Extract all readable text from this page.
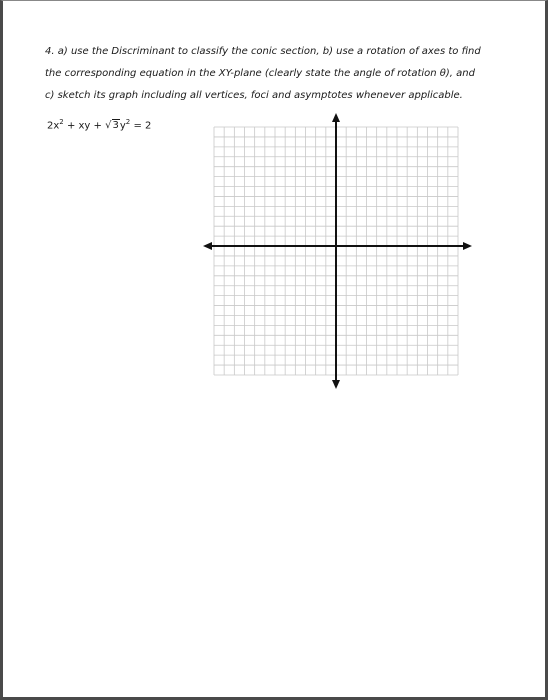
4. a) use the Discriminant to classify the conic section, b) use a rotation of axes to find
the corresponding equation in the XY-plane (clearly state the angle of rotation θ), and
c) sketch its graph including all vertices, foci and asymptotes whenever applicable.

$2x^2$ + xy + $√3y^2 = 2$
